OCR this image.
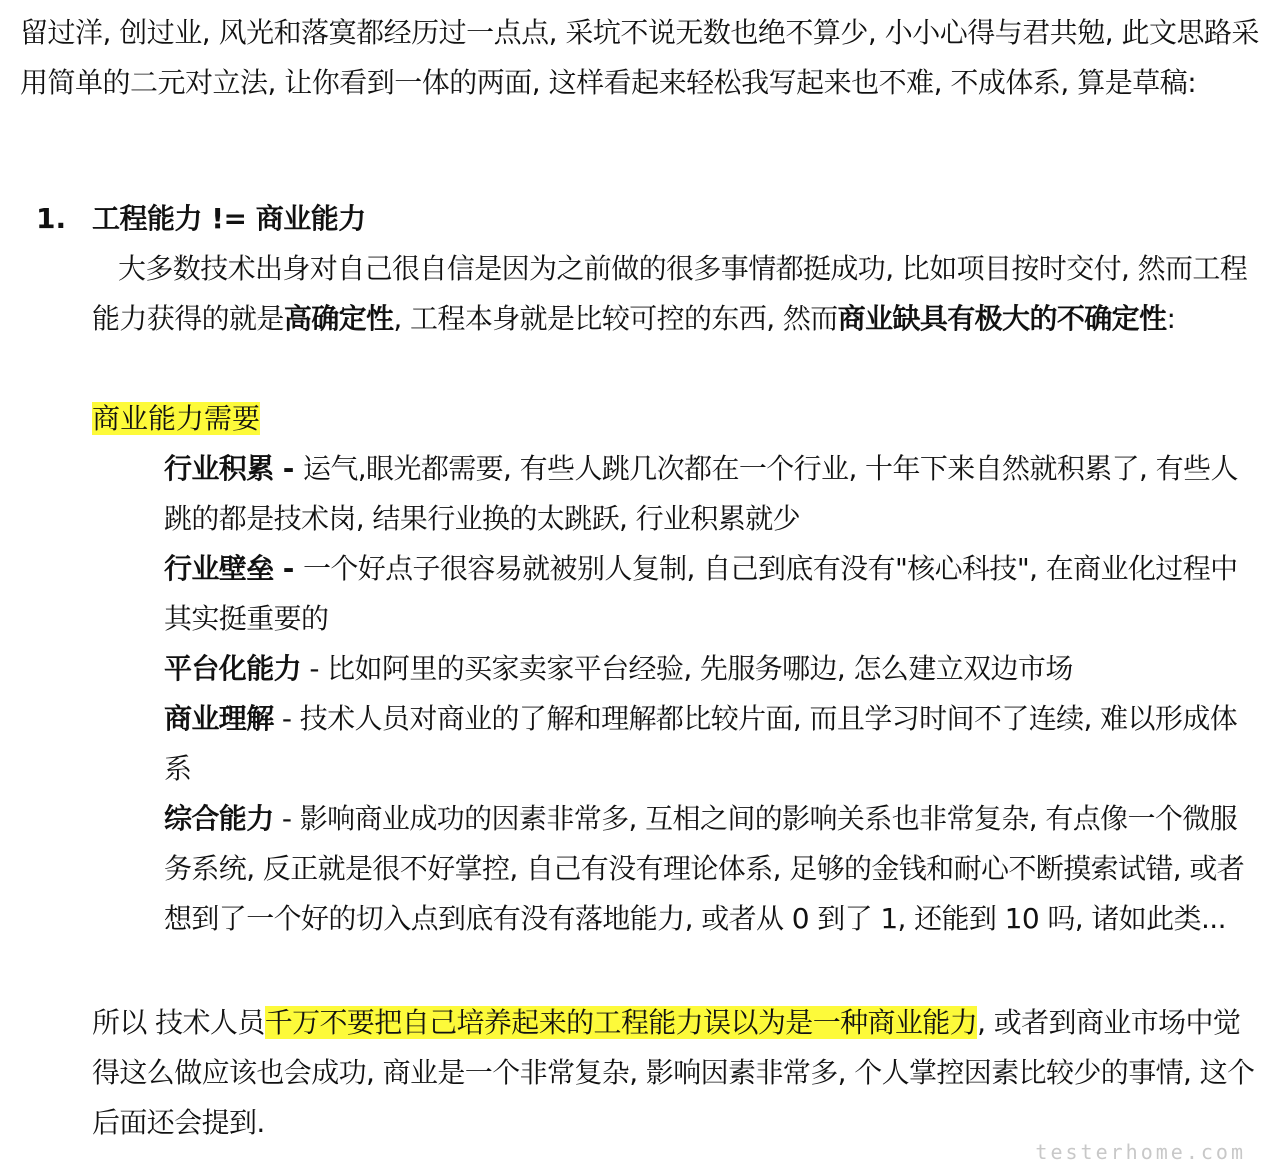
留过洋, 创过业, 风光和落寞都经历过一点点, 采坑不说无数也绝不算少, 小小心得与君共勉, 此文思路采用简单的二元对立法, 让你看到一体的两面, 这样看起来轻松我写起来也不难, 不成体系, 算是草稿:

1. 工程能力 != 商业能力

大多数技术出身对自己很自信是因为之前做的很多事情都挺成功, 比如项目按时交付, 然而工程能力获得的就是高确定性, 工程本身就是比较可控的东西, 然而商业缺具有极大的不确定性:

商业能力需要

行业积累 - 运气,眼光都需要, 有些人跳几次都在一个行业, 十年下来自然就积累了, 有些人跳的都是技术岗, 结果行业换的太跳跃, 行业积累就少

行业壁垒 - 一个好点子很容易就被别人复制, 自己到底有没有"核心科技", 在商业化过程中其实挺重要的

平台化能力 - 比如阿里的买家卖家平台经验, 先服务哪边, 怎么建立双边市场

商业理解 - 技术人员对商业的了解和理解都比较片面, 而且学习时间不了连续, 难以形成体系

综合能力 - 影响商业成功的因素非常多, 互相之间的影响关系也非常复杂, 有点像一个微服务系统, 反正就是很不好掌控, 自己有没有理论体系, 足够的金钱和耐心不断摸索试错, 或者想到了一个好的切入点到底有没有落地能力, 或者从 0 到了 1, 还能到 10 吗, 诸如此类...

所以 技术人员千万不要把自己培养起来的工程能力误以为是一种商业能力, 或者到商业市场中觉得这么做应该也会成功, 商业是一个非常复杂, 影响因素非常多, 个人掌控因素比较少的事情, 这个后面还会提到.

testerhome.com
